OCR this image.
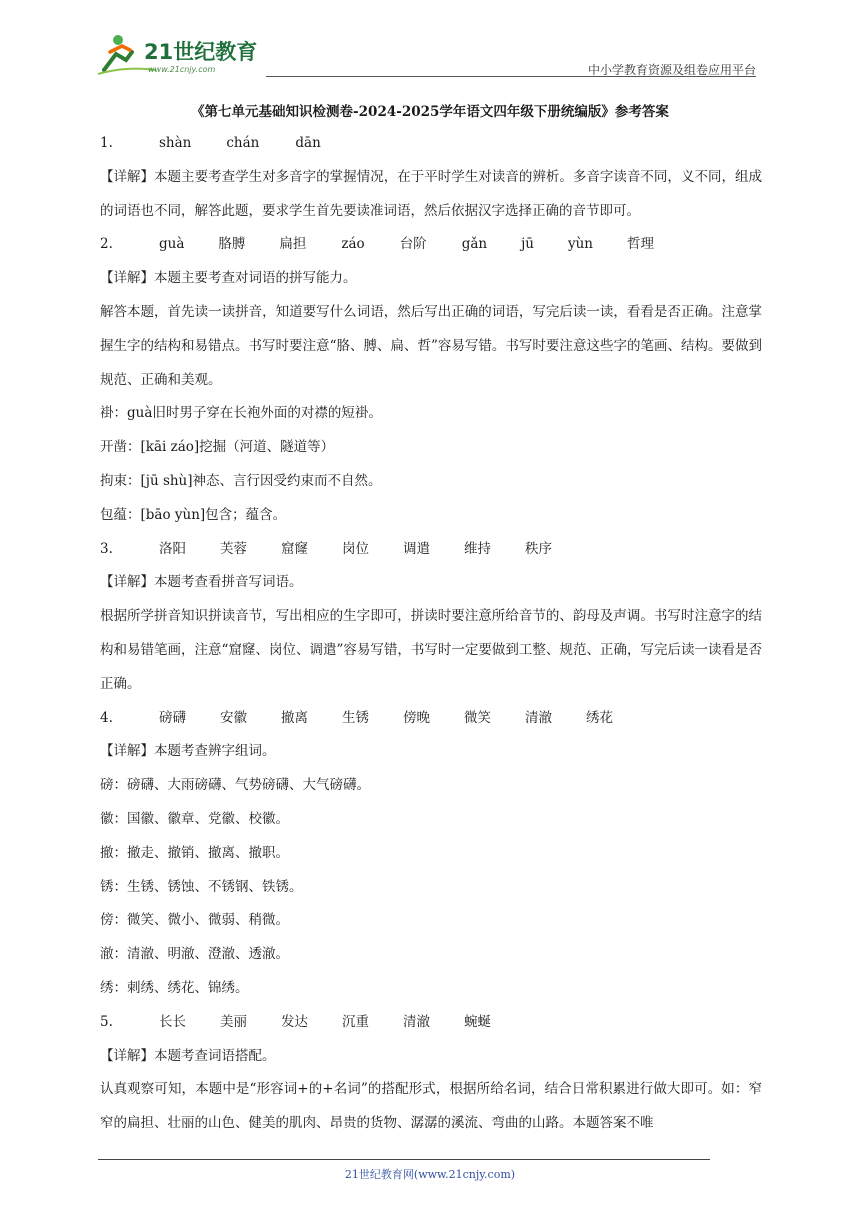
21世纪教育
www.21cnjy.com	中小学教育资源及组卷应用平台
《第七单元基础知识检测卷-2024-2025学年语文四年级下册统编版》参考答案
1.	shàn	chán	dān
【详解】本题主要考查学生对多音字的掌握情况，在于平时学生对读音的辨析。多音字读音不同，义不同，组成的词语也不同，解答此题，要求学生首先要读准词语，然后依据汉字选择正确的音节即可。
2.	guà	胳膊	扁担	záo	台阶	gǎn	jū	yùn	哲理
【详解】本题主要考查对词语的拼写能力。
解答本题，首先读一读拼音，知道要写什么词语，然后写出正确的词语，写完后读一读，看看是否正确。注意掌握生字的结构和易错点。书写时要注意“胳、膊、扁、哲”容易写错。书写时要注意这些字的笔画、结构。要做到规范、正确和美观。
褂：guà旧时男子穿在长袍外面的对襟的短褂。
开凿：[kāi záo]挖掘（河道、隧道等）
拘束：[jū shù]神态、言行因受约束而不自然。
包蕴：[bāo yùn]包含；蕴含。
3.	洛阳	芙蓉	窟窿	岗位	调遣	维持	秩序
【详解】本题考查看拼音写词语。
根据所学拼音知识拼读音节，写出相应的生字即可，拼读时要注意所给音节的、韵母及声调。书写时注意字的结构和易错笔画，注意“窟窿、岗位、调遣”容易写错，书写时一定要做到工整、规范、正确，写完后读一读看是否正确。
4.	磅礴	安徽	撤离	生锈	傍晚	微笑	清澈	绣花
【详解】本题考查辨字组词。
磅：磅礴、大雨磅礴、气势磅礴、大气磅礴。
徽：国徽、徽章、党徽、校徽。
撤：撤走、撤销、撤离、撤职。
锈：生锈、锈蚀、不锈钢、铁锈。
傍：微笑、微小、微弱、稍微。
澈：清澈、明澈、澄澈、透澈。
绣：刺绣、绣花、锦绣。
5.	长长	美丽	发达	沉重	清澈	蜿蜒
【详解】本题考查词语搭配。
认真观察可知，本题中是“形容词+的+名词”的搭配形式，根据所给名词，结合日常积累进行做大即可。如：窄窄的扁担、壮丽的山色、健美的肌肉、昂贵的货物、潺潺的溪流、弯曲的山路。本题答案不唯
21世纪教育网(www.21cnjy.com)
